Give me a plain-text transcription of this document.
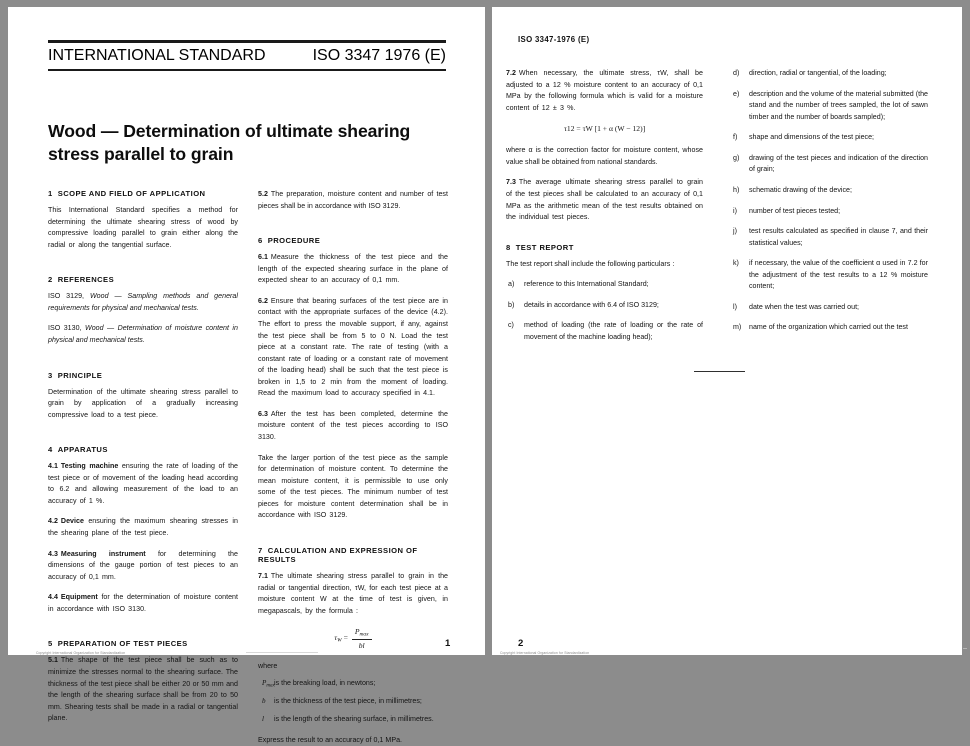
INTERNATIONAL STANDARD	ISO 3347 1976 (E)
Wood — Determination of ultimate shearing stress parallel to grain
1 SCOPE AND FIELD OF APPLICATION

This International Standard specifies a method for determining the ultimate shearing stress of wood by compressive loading parallel to grain either along the radial or along the tangential surface.

2 REFERENCES

ISO 3129, Wood — Sampling methods and general requirements for physical and mechanical tests.

ISO 3130, Wood — Determination of moisture content in physical and mechanical tests.

3 PRINCIPLE

Determination of the ultimate shearing stress parallel to grain by application of a gradually increasing compressive load to a test piece.

4 APPARATUS

4.1 Testing machine ensuring the rate of loading of the test piece or of movement of the loading head according to 6.2 and allowing measurement of the load to an accuracy of 1 %.

4.2 Device ensuring the maximum shearing stresses in the shearing plane of the test piece.

4.3 Measuring instrument for determining the dimensions of the gauge portion of test pieces to an accuracy of 0,1 mm.

4.4 Equipment for the determination of moisture content in accordance with ISO 3130.

5 PREPARATION OF TEST PIECES

5.1 The shape of the test piece shall be such as to minimize the stresses normal to the shearing surface. The thickness of the test piece shall be either 20 or 50 mm and the length of the shearing surface shall be from 20 to 50 mm. Shearing tests shall be made in a radial or tangential plane.

5.2 The preparation, moisture content and number of test pieces shall be in accordance with ISO 3129.

6 PROCEDURE

6.1 Measure the thickness of the test piece and the length of the expected shearing surface in the plane of expected shear to an accuracy of 0,1 mm.

6.2 Ensure that bearing surfaces of the test piece are in contact with the appropriate surfaces of the device (4.2). The effort to press the movable support, if any, against the test piece shall be from 5 to 0 N. Load the test piece at a constant rate. The rate of testing (with a constant rate of loading or a constant rate of movement of the loading head) shall be such that the test piece is broken in 1,5 to 2 min from the moment of loading. Read the maximum load to accuracy specified in 4.1.

6.3 After the test has been completed, determine the moisture content of the test pieces according to ISO 3130.

Take the larger portion of the test piece as the sample for determination of moisture content. To determine the mean moisture content, it is permissible to use only some of the test pieces. The minimum number of test pieces for moisture content determination shall be in accordance with ISO 3129.

7 CALCULATION AND EXPRESSION OF RESULTS

7.1 The ultimate shearing stress parallel to grain in the radial or tangential direction, τW, for each test piece at a moisture content W at the time of test is given, in megapascals, by the formula :

$\tau_W = \frac{P_{max}}{bl}$
where
$P_{max}$ is the breaking load, in newtons;
b is the thickness of the test piece, in millimetres;
l is the length of the shearing surface, in millimetres.

Express the result to an accuracy of 0,1 MPa.

ISO 3347-1976 (E)

7.2 When necessary, the ultimate stress, τW, shall be adjusted to a 12 % moisture content to an accuracy of 0,1 MPa by the following formula which is valid for a moisture content of 12 ± 3 %.

τ12 = τW [1 + α (W − 12)]

where α is the correction factor for moisture content, whose value shall be obtained from national standards.

7.3 The average ultimate shearing stress parallel to grain of the test pieces shall be calculated to an accuracy of 0,1 MPa as the arithmetic mean of the test results obtained on the individual test pieces.

8 TEST REPORT

The test report shall include the following particulars :

a) reference to this International Standard;
b) details in accordance with 6.4 of ISO 3129;
c) method of loading (the rate of loading or the rate of movement of the machine loading head);
d) direction, radial or tangential, of the loading;
e) description and the volume of the material submitted (the stand and the number of trees sampled, the lot of sawn timber and the number of boards sampled);
f) shape and dimensions of the test piece;
g) drawing of the test pieces and indication of the direction of grain;
h) schematic drawing of the device;
i) number of test pieces tested;
j) test results calculated as specified in clause 7, and their statistical values;
k) if necessary, the value of the coefficient α used in 7.2 for the adjustment of the test results to a 12 % moisture content;
l) date when the test was carried out;
m) name of the organization which carried out the test
1	2
Copyright International Organization for Standardization	Copyright International Organization for Standardization
